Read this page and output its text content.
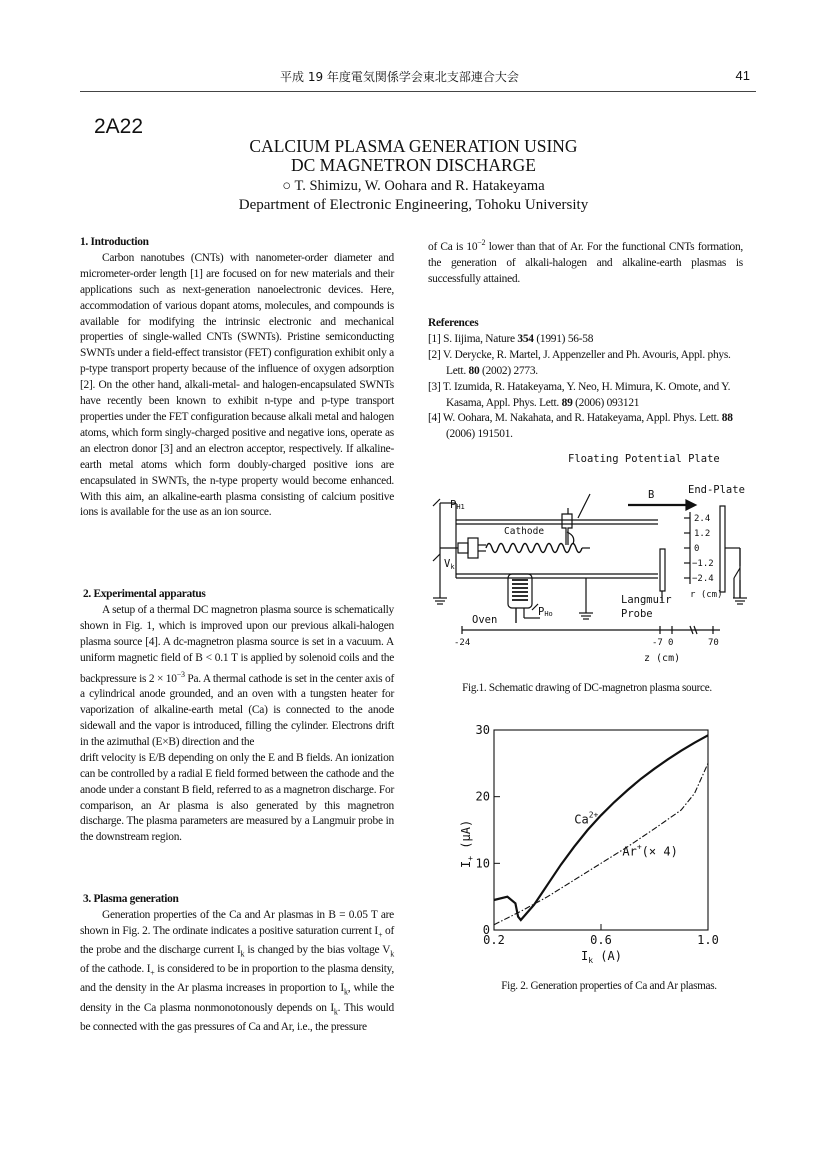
平成 19 年度電気関係学会東北支部連合大会	41
2A22
CALCIUM PLASMA GENERATION USING
DC MAGNETRON DISCHARGE
○ T. Shimizu, W. Oohara and R. Hatakeyama
Department of Electronic Engineering, Tohoku University
1. Introduction

Carbon nanotubes (CNTs) with nanometer-order diameter and micrometer-order length [1] are focused on for new materials and their applications such as next-generation nanoelectronic devices. Here, accommodation of various dopant atoms, molecules, and compounds is available for modifying the intrinsic electronic and mechanical properties of single-walled CNTs (SWNTs). Pristine semiconducting SWNTs under a field-effect transistor (FET) configuration exhibit only a p-type transport property because of the influence of oxygen adsorption [2]. On the other hand, alkali-metal- and halogen-encapsulated SWNTs have recently been known to exhibit n-type and p-type transport properties under the FET configuration because alkali metal and halogen atoms, which form singly-charged positive and negative ions, operate as an electron donor [3] and an electron acceptor, respectively. If alkaline-earth metal atoms which form doubly-charged positive ions are encapsulated in SWNTs, the n-type property would become enhanced. With this aim, an alkaline-earth plasma consisting of calcium positive ions is available for the use as an ion source.

2. Experimental apparatus

A setup of a thermal DC magnetron plasma source is schematically shown in Fig. 1, which is improved upon our previous alkali-halogen plasma source [4]. A dc-magnetron plasma source is set in a vacuum. A uniform magnetic field of B < 0.1 T is applied by solenoid coils and the backpressure is $2 \times 10^{-3}$ Pa. A thermal cathode is set in the center axis of a cylindrical anode grounded, and an oven with a tungsten heater for vaporization of alkaline-earth metal (Ca) is connected to the anode sidewall and the vapor is introduced, filling the cylinder. Electrons drift in the azimuthal (E×B) direction and the

drift velocity is E/B depending on only the E and B fields. An ionization can be controlled by a radial E field formed between the cathode and the anode under a constant B field, referred to as a magnetron discharge. For comparison, an Ar plasma is also generated by this magnetron discharge. The plasma parameters are measured by a Langmuir probe in the downstream region.

3. Plasma generation

Generation properties of the Ca and Ar plasmas in B = 0.05 T are shown in Fig. 2. The ordinate indicates a positive saturation current $I_+$ of the probe and the discharge current $I_k$ is changed by the bias voltage $V_k$ of the cathode. $I_+$ is considered to be in proportion to the plasma density, and the density in the Ar plasma increases in proportion to $I_k$, while the density in the Ca plasma nonmonotonously depends on $I_k$. This would be connected with the gas pressures of Ca and Ar, i.e., the pressure

of Ca is $10^{-2}$ lower than that of Ar. For the functional CNTs formation, the generation of alkali-halogen and alkaline-earth plasmas is successfully attained.

References
[1] S. Iijima, Nature 354 (1991) 56-58
[2] V. Derycke, R. Martel, J. Appenzeller and Ph. Avouris, Appl. phys. Lett. 80 (2002) 2773.
[3] T. Izumida, R. Hatakeyama, Y. Neo, H. Mimura, K. Omote, and Y. Kasama, Appl. Phys. Lett. 89 (2006) 093121
[4] W. Oohara, M. Nakahata, and R. Hatakeyama, Appl. Phys. Lett. 88 (2006) 191501.
Floating Potential Plate
B	End-Plate
PH1
Cathode
Vk
Oven
PHo
Langmuir
Probe
2.4
1.2
0
−1.2
−2.4
r (cm)
-24	-7 0	70
z (cm)
Fig.1. Schematic drawing of DC-magnetron plasma source.
0
10
20
30
0.2	0.6	1.0
$Ca^{2+}$
Ar+(× 4)
$I_k$ (A)
$I_+$ (μA)
Fig. 2. Generation properties of Ca and Ar plasmas.
